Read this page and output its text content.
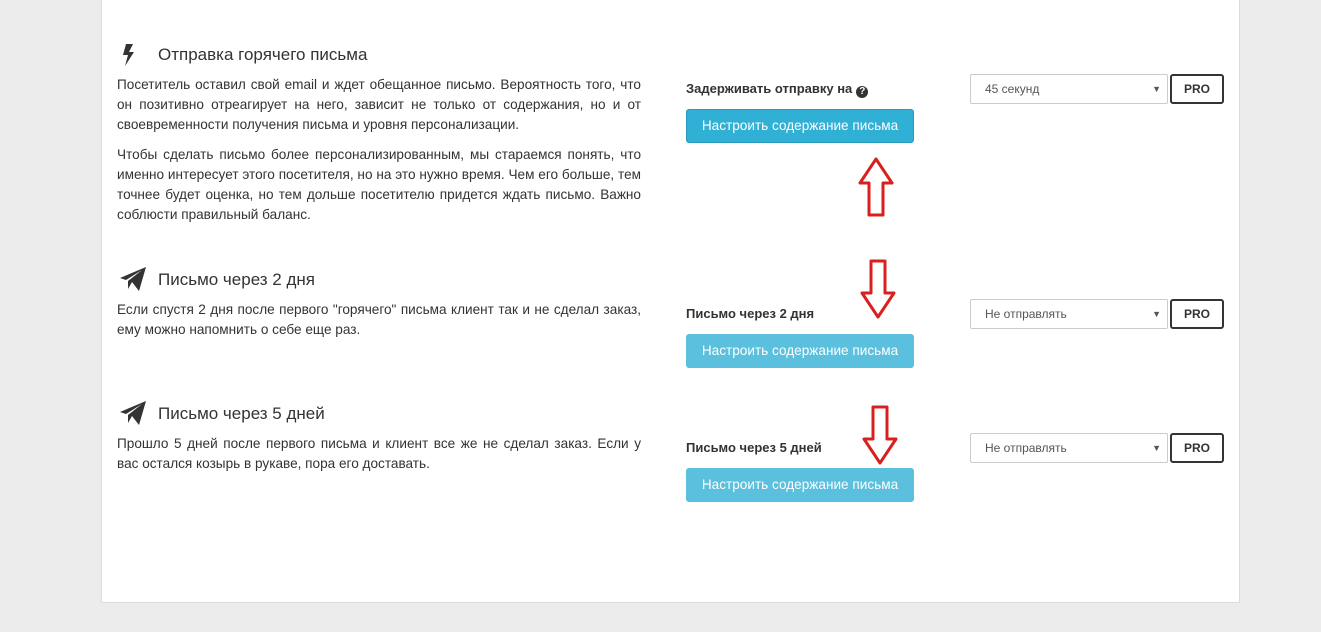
Отправка горячего письма

Посетитель оставил свой email и ждет обещанное письмо. Вероятность того, что он позитивно отреагирует на него, зависит не только от содержания, но и от своевременности получения письма и уровня персонализации.

Чтобы сделать письмо более персонализированным, мы стараемся понять, что именно интересует этого посетителя, но на это нужно время. Чем его больше, тем точнее будет оценка, но тем дольше посетителю придется ждать письмо. Важно соблюсти правильный баланс.

Задерживать отправку на ?
Настроить содержание письма
45 секунд	▼	PRO
Письмо через 2 дня

Если спустя 2 дня после первого "горячего" письма клиент так и не сделал заказ, ему можно напомнить о себе еще раз.

Письмо через 2 дня
Настроить содержание письма
Не отправлять	▼	PRO
Письмо через 5 дней

Прошло 5 дней после первого письма и клиент все же не сделал заказ. Если у вас остался козырь в рукаве, пора его доставать.

Письмо через 5 дней
Настроить содержание письма
Не отправлять	▼	PRO
